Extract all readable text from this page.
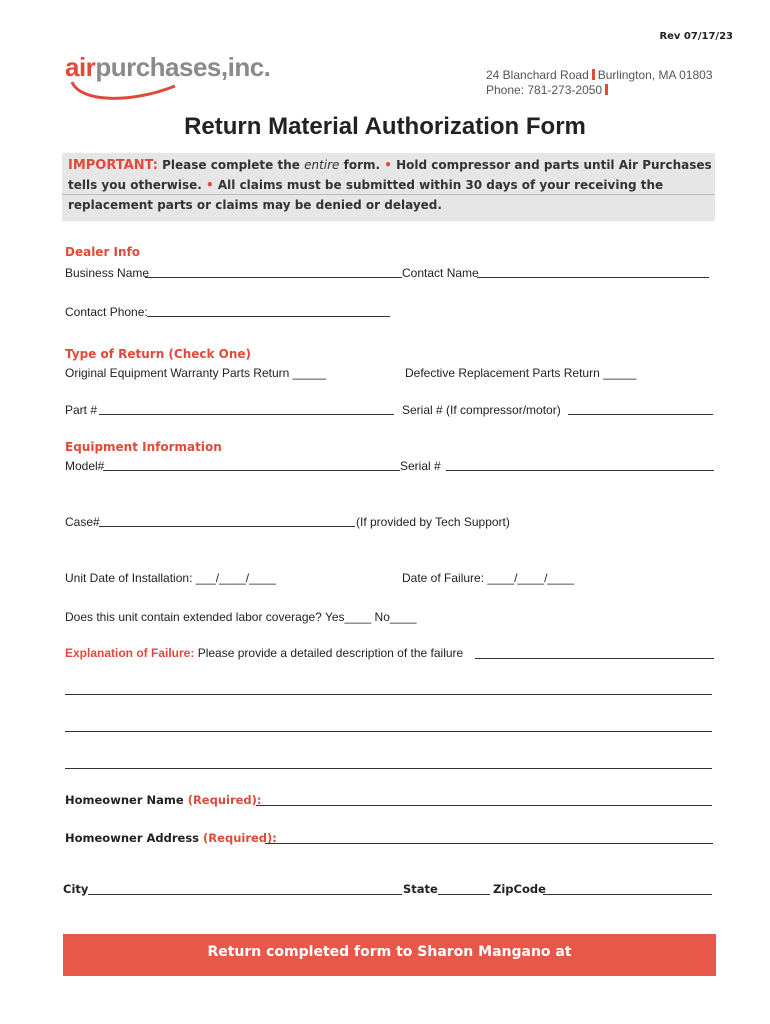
Rev 07/17/23
airpurchases,inc.	24 Blanchard Road Burlington, MA 01803
Phone: 781-273-2050
Return Material Authorization Form
IMPORTANT: Please complete the entire form. • Hold compressor and parts until Air Purchases
tells you otherwise. • All claims must be submitted within 30 days of your receiving the
replacement parts or claims may be denied or delayed.
Dealer Info
Business Name	Contact Name
Contact Phone:
Type of Return (Check One)
Original Equipment Warranty Parts Return _____	Defective Replacement Parts Return _____
Part #	Serial # (If compressor/motor)
Equipment Information
Model#	Serial #
Case#	(If provided by Tech Support)
Unit Date of Installation: ___/____/____	Date of Failure: ____/____/____
Does this unit contain extended labor coverage? Yes____ No____
Explanation of Failure: Please provide a detailed description of the failure
Homeowner Name (Required):
Homeowner Address (Required):
City	State	ZipCode
Return completed form to Sharon Mangano at sharon.mangano@airpurchases.com
